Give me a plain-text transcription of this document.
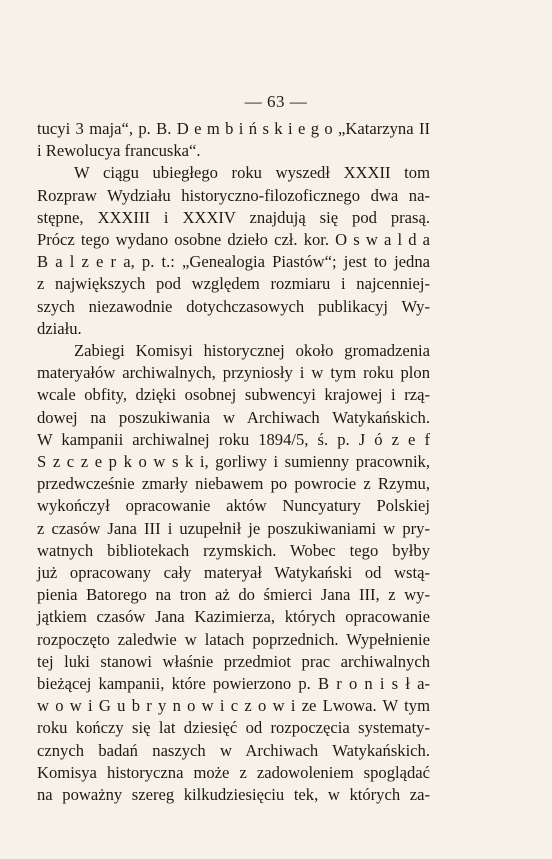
— 63 —
tucyi 3 maja“, p. B. D e m b i ń s k i e g o „Katarzyna II
i Rewolucya francuska“.
W ciągu ubiegłego roku wyszedł XXXII tom
Rozpraw Wydziału historyczno-filozoficznego dwa na-
stępne, XXXIII i XXXIV znajdują się pod prasą.
Prócz tego wydano osobne dzieło czł. kor. O s w a l d a
B a l z e r a, p. t.: „Genealogia Piastów“; jest to jedna
z największych pod względem rozmiaru i najcenniej-
szych niezawodnie dotychczasowych publikacyj Wy-
działu.
Zabiegi Komisyi historycznej około gromadzenia
materyałów archiwalnych, przyniosły i w tym roku plon
wcale obfity, dzięki osobnej subwencyi krajowej i rzą-
dowej na poszukiwania w Archiwach Watykańskich.
W kampanii archiwalnej roku 1894/5, ś. p. J ó z e f
S z c z e p k o w s k i, gorliwy i sumienny pracownik,
przedwcześnie zmarły niebawem po powrocie z Rzymu,
wykończył opracowanie aktów Nuncyatury Polskiej
z czasów Jana III i uzupełnił je poszukiwaniami w pry-
watnych bibliotekach rzymskich. Wobec tego byłby
już opracowany cały materyał Watykański od wstą-
pienia Batorego na tron aż do śmierci Jana III, z wy-
jątkiem czasów Jana Kazimierza, których opracowanie
rozpoczęto zaledwie w latach poprzednich. Wypełnienie
tej luki stanowi właśnie przedmiot prac archiwalnych
bieżącej kampanii, które powierzono p. B r o n i s ł a-
w o w i G u b r y n o w i c z o w i ze Lwowa. W tym
roku kończy się lat dziesięć od rozpoczęcia systematy-
cznych badań naszych w Archiwach Watykańskich.
Komisya historyczna może z zadowoleniem spoglądać
na poważny szereg kilkudziesięciu tek, w których za-
